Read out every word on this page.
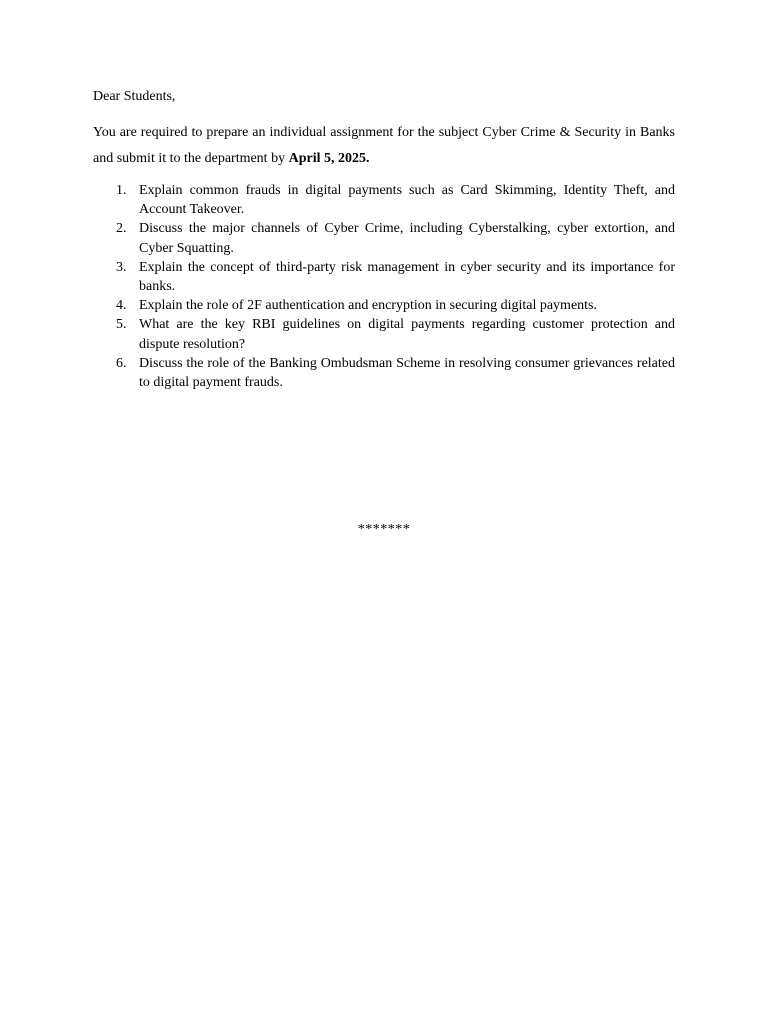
Dear Students,

You are required to prepare an individual assignment for the subject Cyber Crime & Security in Banks and submit it to the department by April 5, 2025.

1. Explain common frauds in digital payments such as Card Skimming, Identity Theft, and Account Takeover.
2. Discuss the major channels of Cyber Crime, including Cyberstalking, cyber extortion, and Cyber Squatting.
3. Explain the concept of third-party risk management in cyber security and its importance for banks.
4. Explain the role of 2F authentication and encryption in securing digital payments.
5. What are the key RBI guidelines on digital payments regarding customer protection and dispute resolution?
6. Discuss the role of the Banking Ombudsman Scheme in resolving consumer grievances related to digital payment frauds.

*******
